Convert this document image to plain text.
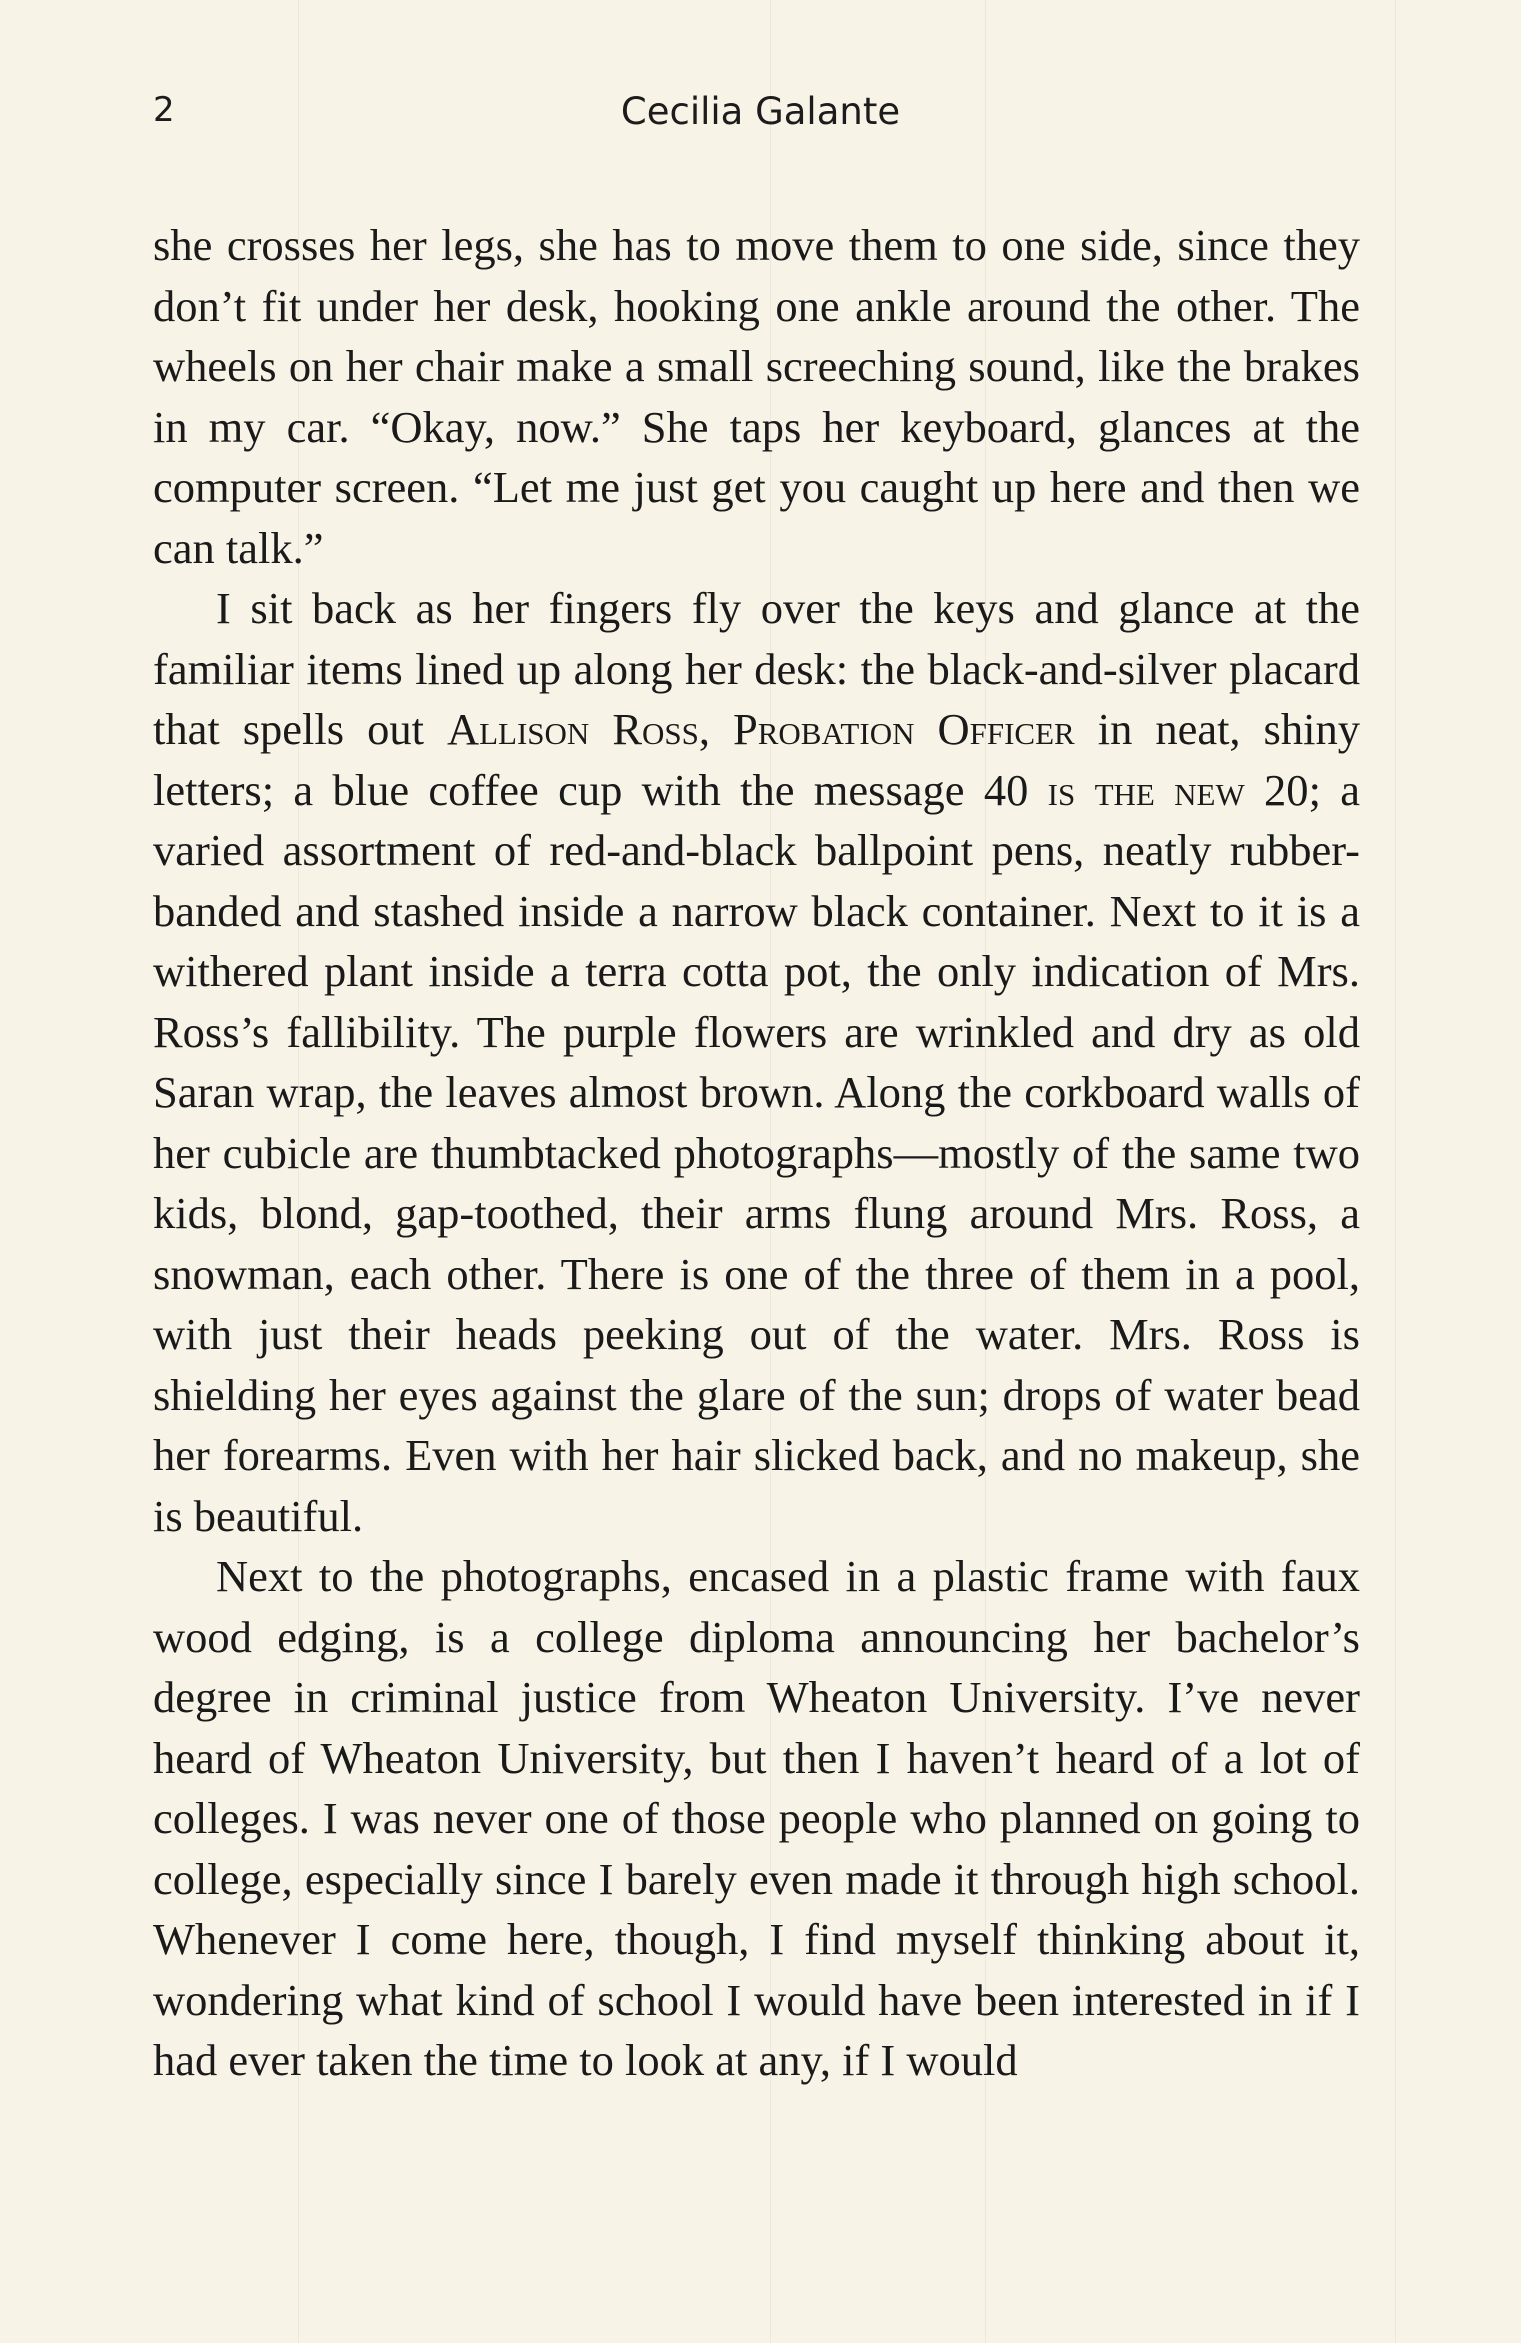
2	Cecilia Galante

she crosses her legs, she has to move them to one side, since they don’t fit under her desk, hooking one ankle around the other. The wheels on her chair make a small screeching sound, like the brakes in my car. “Okay, now.” She taps her keyboard, glances at the computer screen. “Let me just get you caught up here and then we can talk.”

I sit back as her fingers fly over the keys and glance at the familiar items lined up along her desk: the black-and-silver placard that spells out Allison Ross, Probation Officer in neat, shiny letters; a blue coffee cup with the message 40 is the new 20; a varied assortment of red-and-black ballpoint pens, neatly rubber-banded and stashed inside a narrow black container. Next to it is a withered plant inside a terra cotta pot, the only indication of Mrs. Ross’s fallibility. The purple flowers are wrinkled and dry as old Saran wrap, the leaves almost brown. Along the corkboard walls of her cubicle are thumbtacked photographs—mostly of the same two kids, blond, gap-toothed, their arms flung around Mrs. Ross, a snowman, each other. There is one of the three of them in a pool, with just their heads peeking out of the water. Mrs. Ross is shielding her eyes against the glare of the sun; drops of water bead her forearms. Even with her hair slicked back, and no makeup, she is beautiful.

Next to the photographs, encased in a plastic frame with faux wood edging, is a college diploma announcing her bachelor’s degree in criminal justice from Wheaton University. I’ve never heard of Wheaton University, but then I haven’t heard of a lot of colleges. I was never one of those people who planned on going to college, especially since I barely even made it through high school. Whenever I come here, though, I find myself thinking about it, wondering what kind of school I would have been interested in if I had ever taken the time to look at any, if I would
